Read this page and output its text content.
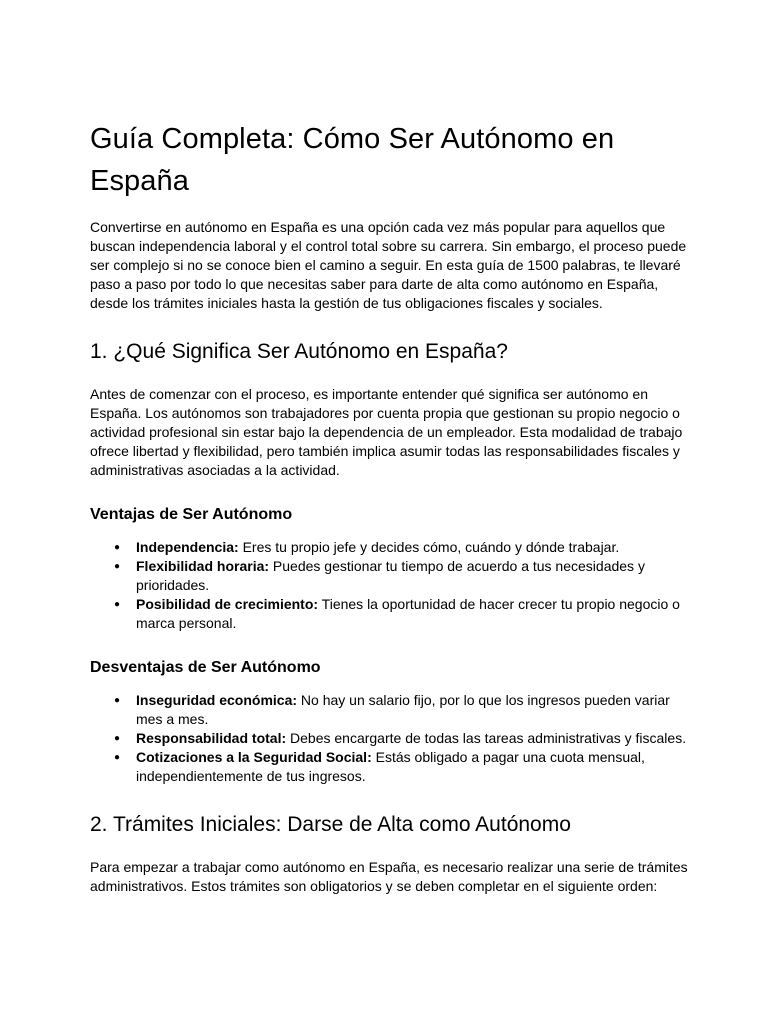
Guía Completa: Cómo Ser Autónomo en España

Convertirse en autónomo en España es una opción cada vez más popular para aquellos que buscan independencia laboral y el control total sobre su carrera. Sin embargo, el proceso puede ser complejo si no se conoce bien el camino a seguir. En esta guía de 1500 palabras, te llevaré paso a paso por todo lo que necesitas saber para darte de alta como autónomo en España, desde los trámites iniciales hasta la gestión de tus obligaciones fiscales y sociales.

1. ¿Qué Significa Ser Autónomo en España?

Antes de comenzar con el proceso, es importante entender qué significa ser autónomo en España. Los autónomos son trabajadores por cuenta propia que gestionan su propio negocio o actividad profesional sin estar bajo la dependencia de un empleador. Esta modalidad de trabajo ofrece libertad y flexibilidad, pero también implica asumir todas las responsabilidades fiscales y administrativas asociadas a la actividad.

Ventajas de Ser Autónomo
● Independencia: Eres tu propio jefe y decides cómo, cuándo y dónde trabajar.
● Flexibilidad horaria: Puedes gestionar tu tiempo de acuerdo a tus necesidades y prioridades.
● Posibilidad de crecimiento: Tienes la oportunidad de hacer crecer tu propio negocio o marca personal.
Desventajas de Ser Autónomo
● Inseguridad económica: No hay un salario fijo, por lo que los ingresos pueden variar mes a mes.
● Responsabilidad total: Debes encargarte de todas las tareas administrativas y fiscales.
● Cotizaciones a la Seguridad Social: Estás obligado a pagar una cuota mensual, independientemente de tus ingresos.
2. Trámites Iniciales: Darse de Alta como Autónomo

Para empezar a trabajar como autónomo en España, es necesario realizar una serie de trámites administrativos. Estos trámites son obligatorios y se deben completar en el siguiente orden:
